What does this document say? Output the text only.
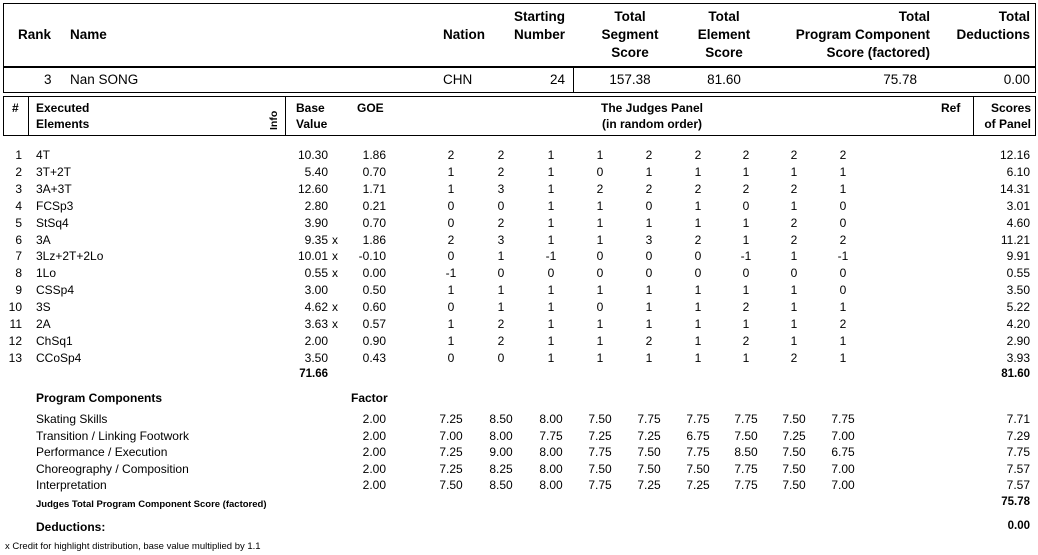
Rank Name	Nation
Starting
Number
Total
Segment
Score
Total
Element
Score
Total
Program Component
Score (factored)
Total
Deductions
3 Nan SONG	CHN	24	157.38	81.60	75.78	0.00
# Executed
Elements	Info
Base
Value
GOE	The Judges Panel
(in random order)
Ref	Scores
of Panel
1 4T	10.30	1.86	2	2	1	1	2	2	2	2	2	12.16
2 3T+2T	5.40	0.70	1	2	1	0	1	1	1	1	1	6.10
3 3A+3T	12.60	1.71	1	3	1	2	2	2	2	2	1	14.31
4 FCSp3	2.80	0.21	0	0	1	1	0	1	0	1	0	3.01
5 StSq4	3.90	0.70	0	2	1	1	1	1	1	2	0	4.60
6 3A	9.35 x	1.86	2	3	1	1	3	2	1	2	2	11.21
7 3Lz+2T+2Lo	10.01 x	-0.10	0	1	-1	0	0	0	-1	1	-1	9.91
8 1Lo	0.55 x	0.00	-1	0	0	0	0	0	0	0	0	0.55
9 CSSp4	3.00	0.50	1	1	1	1	1	1	1	1	0	3.50
10 3S	4.62 x	0.60	0	1	1	0	1	1	2	1	1	5.22
11 2A	3.63 x	0.57	1	2	1	1	1	1	1	1	2	4.20
12 ChSq1	2.00	0.90	1	2	1	1	2	1	2	1	1	2.90
13 CCoSp4	3.50	0.43	0	0	1	1	1	1	1	2	1	3.93
71.66	81.60
Program Components	Factor
Skating Skills	2.00	7.25	8.50	8.00	7.50	7.75	7.75	7.75	7.50	7.75	7.71
Transition / Linking Footwork	2.00	7.00	8.00	7.75	7.25	7.25	6.75	7.50	7.25	7.00	7.29
Performance / Execution	2.00	7.25	9.00	8.00	7.75	7.50	7.75	8.50	7.50	6.75	7.75
Choreography / Composition	2.00	7.25	8.25	8.00	7.50	7.50	7.50	7.75	7.50	7.00	7.57
Interpretation	2.00	7.50	8.50	8.00	7.75	7.25	7.25	7.75	7.50	7.00	7.57
Judges Total Program Component Score (factored)	75.78
Deductions:	0.00
x Credit for highlight distribution, base value multiplied by 1.1
